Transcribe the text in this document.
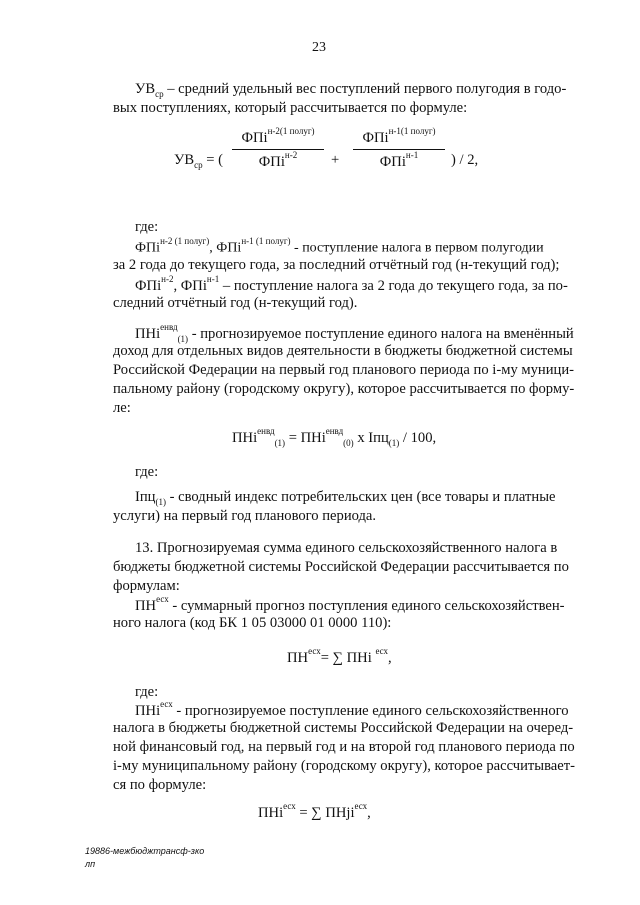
23
$УВ_{ср}$ – средний удельный вес поступлений первого полугодия в годо-
вых поступлениях, который рассчитывается по формуле:
$УВ_{ср}$ = (
ФПi$^{н-2(1 полуг)}$
ФПi$^{н-2}$	+
ФПi$^{н-1(1 полуг)}$
ФПi$^{н-1}$	) / 2,
где:
ФПi$^{н-2 (1 полуг)}$, ФПi$^{н-1 (1 полуг)}$ - поступление налога в первом полугодии
за 2 года до текущего года, за последний отчётный год (н-текущий год);
ФПi$^{н-2}$, ФПi$^{н-1}$ – поступление налога за 2 года до текущего года, за по-
следний отчётный год (н-текущий год).
ПНi$^{енвд}_{(1)}$ - прогнозируемое поступление единого налога на вменённый
доход для отдельных видов деятельности в бюджеты бюджетной системы
Российской Федерации на первый год планового периода по i-му муници-
пальному району (городскому округу), которое рассчитывается по форму-
ле:
ПНi$^{енвд}_{(1)}$ = ПНi$^{енвд}_{(0)}$ х Iпц$_{(1)}$ / 100,
где:
Iпц$_{(1)}$ - сводный индекс потребительских цен (все товары и платные
услуги) на первый год планового периода.
13. Прогнозируемая сумма единого сельскохозяйственного налога в
бюджеты бюджетной системы Российской Федерации рассчитывается по
формулам:
$ПН^{есх}$ - суммарный прогноз поступления единого сельскохозяйствен-
ного налога (код БК 1 05 03000 01 0000 110):
$ПН^{есх}=$ ∑ ПНi $^{есх}$,
где:
ПНi$^{есх}$ - прогнозируемое поступление единого сельскохозяйственного
налога в бюджеты бюджетной системы Российской Федерации на очеред-
ной финансовый год, на первый год и на второй год планового периода по
i-му муниципальному району (городскому округу), которое рассчитывает-
ся по формуле:
ПНi$^{есх}$ = ∑ ПНji$^{есх}$,
19886-межбюджтрансф-зко
лп
